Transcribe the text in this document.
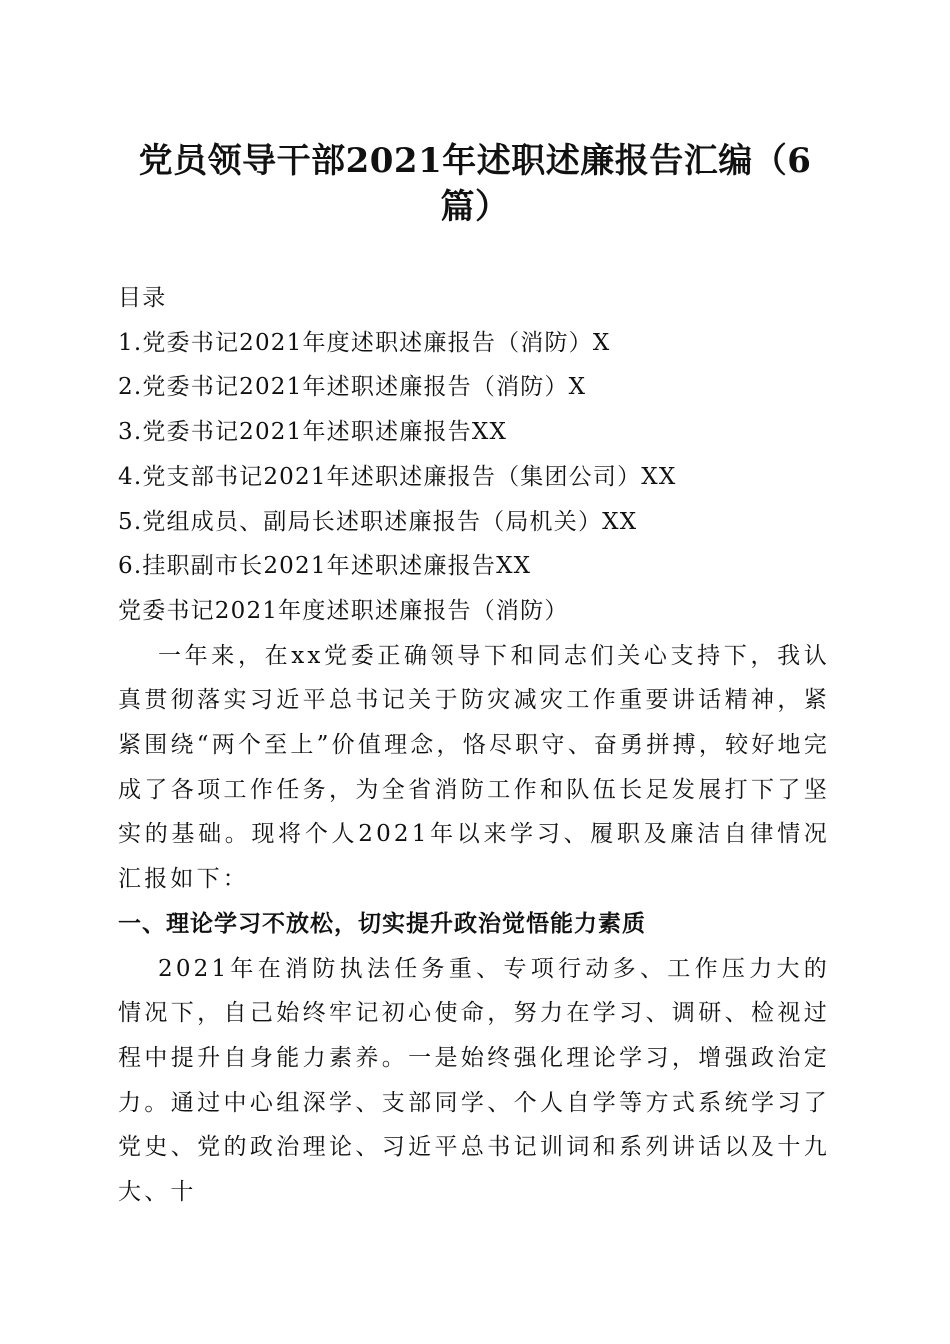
党员领导干部2021年述职述廉报告汇编（6篇）

目录

1.党委书记2021年度述职述廉报告（消防）X

2.党委书记2021年述职述廉报告（消防）X

3.党委书记2021年述职述廉报告XX

4.党支部书记2021年述职述廉报告（集团公司）XX

5.党组成员、副局长述职述廉报告（局机关）XX

6.挂职副市长2021年述职述廉报告XX

党委书记2021年度述职述廉报告（消防）

一年来，在xx党委正确领导下和同志们关心支持下，我认真贯彻落实习近平总书记关于防灾减灾工作重要讲话精神，紧紧围绕“两个至上”价值理念，恪尽职守、奋勇拼搏，较好地完成了各项工作任务，为全省消防工作和队伍长足发展打下了坚实的基础。现将个人2021年以来学习、履职及廉洁自律情况汇报如下：

一、理论学习不放松，切实提升政治觉悟能力素质

2021年在消防执法任务重、专项行动多、工作压力大的情况下，自己始终牢记初心使命，努力在学习、调研、检视过程中提升自身能力素养。一是始终强化理论学习，增强政治定力。通过中心组深学、支部同学、个人自学等方式系统学习了党史、党的政治理论、习近平总书记训词和系列讲话以及十九大、十
